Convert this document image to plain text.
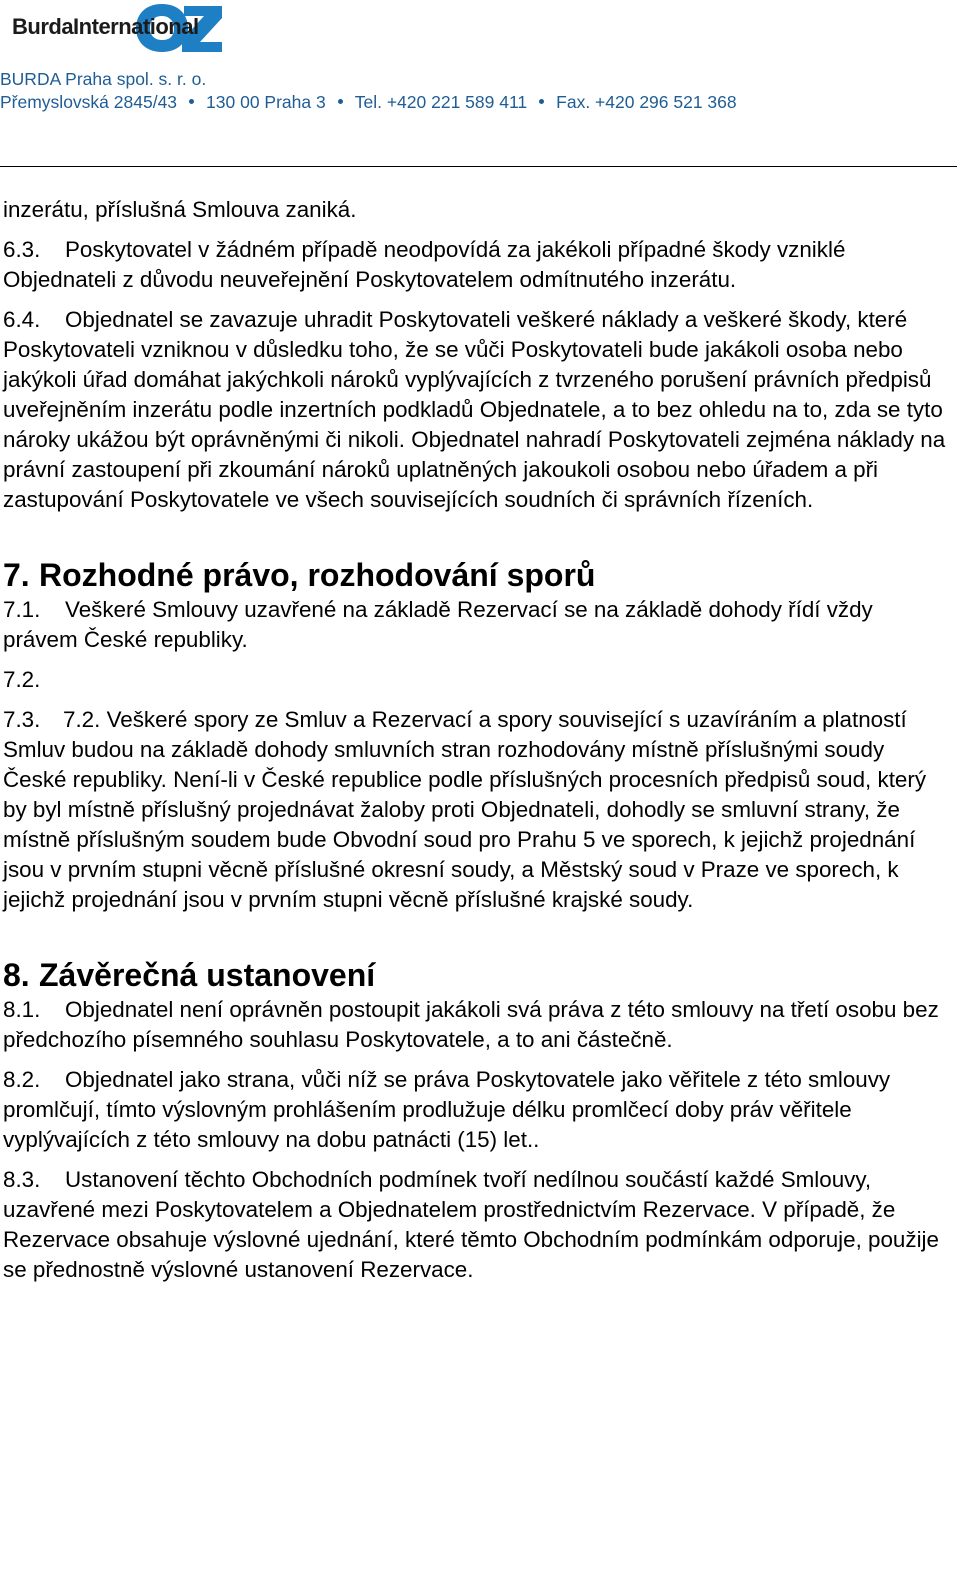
BurdaInternational
BURDA Praha spol. s. r. o.
Přemyslovská 2845/43 130 00 Praha 3 Tel. +420 221 589 411 Fax. +420 296 521 368

inzerátu, příslušná Smlouva zaniká.

6.3. Poskytovatel v žádném případě neodpovídá za jakékoli případné škody vzniklé Objednateli z důvodu neuveřejnění Poskytovatelem odmítnutého inzerátu.

6.4. Objednatel se zavazuje uhradit Poskytovateli veškeré náklady a veškeré škody, které Poskytovateli vzniknou v důsledku toho, že se vůči Poskytovateli bude jakákoli osoba nebo jakýkoli úřad domáhat jakýchkoli nároků vyplývajících z tvrzeného porušení právních předpisů uveřejněním inzerátu podle inzertních podkladů Objednatele, a to bez ohledu na to, zda se tyto nároky ukážou být oprávněnými či nikoli. Objednatel nahradí Poskytovateli zejména náklady na právní zastoupení při zkoumání nároků uplatněných jakoukoli osobou nebo úřadem a při zastupování Poskytovatele ve všech souvisejících soudních či správních řízeních.

7. Rozhodné právo, rozhodování sporů

7.1. Veškeré Smlouvy uzavřené na základě Rezervací se na základě dohody řídí vždy právem České republiky.

7.2.

7.3. 7.2. Veškeré spory ze Smluv a Rezervací a spory související s uzavíráním a platností Smluv budou na základě dohody smluvních stran rozhodovány místně příslušnými soudy České republiky. Není-li v České republice podle příslušných procesních předpisů soud, který by byl místně příslušný projednávat žaloby proti Objednateli, dohodly se smluvní strany, že místně příslušným soudem bude Obvodní soud pro Prahu 5 ve sporech, k jejichž projednání jsou v prvním stupni věcně příslušné okresní soudy, a Městský soud v Praze ve sporech, k jejichž projednání jsou v prvním stupni věcně příslušné krajské soudy.

8. Závěrečná ustanovení

8.1. Objednatel není oprávněn postoupit jakákoli svá práva z této smlouvy na třetí osobu bez předchozího písemného souhlasu Poskytovatele, a to ani částečně.

8.2. Objednatel jako strana, vůči níž se práva Poskytovatele jako věřitele z této smlouvy promlčují, tímto výslovným prohlášením prodlužuje délku promlčecí doby práv věřitele vyplývajících z této smlouvy na dobu patnácti (15) let..

8.3. Ustanovení těchto Obchodních podmínek tvoří nedílnou součástí každé Smlouvy, uzavřené mezi Poskytovatelem a Objednatelem prostřednictvím Rezervace. V případě, že Rezervace obsahuje výslovné ujednání, které těmto Obchodním podmínkám odporuje, použije se přednostně výslovné ustanovení Rezervace.
